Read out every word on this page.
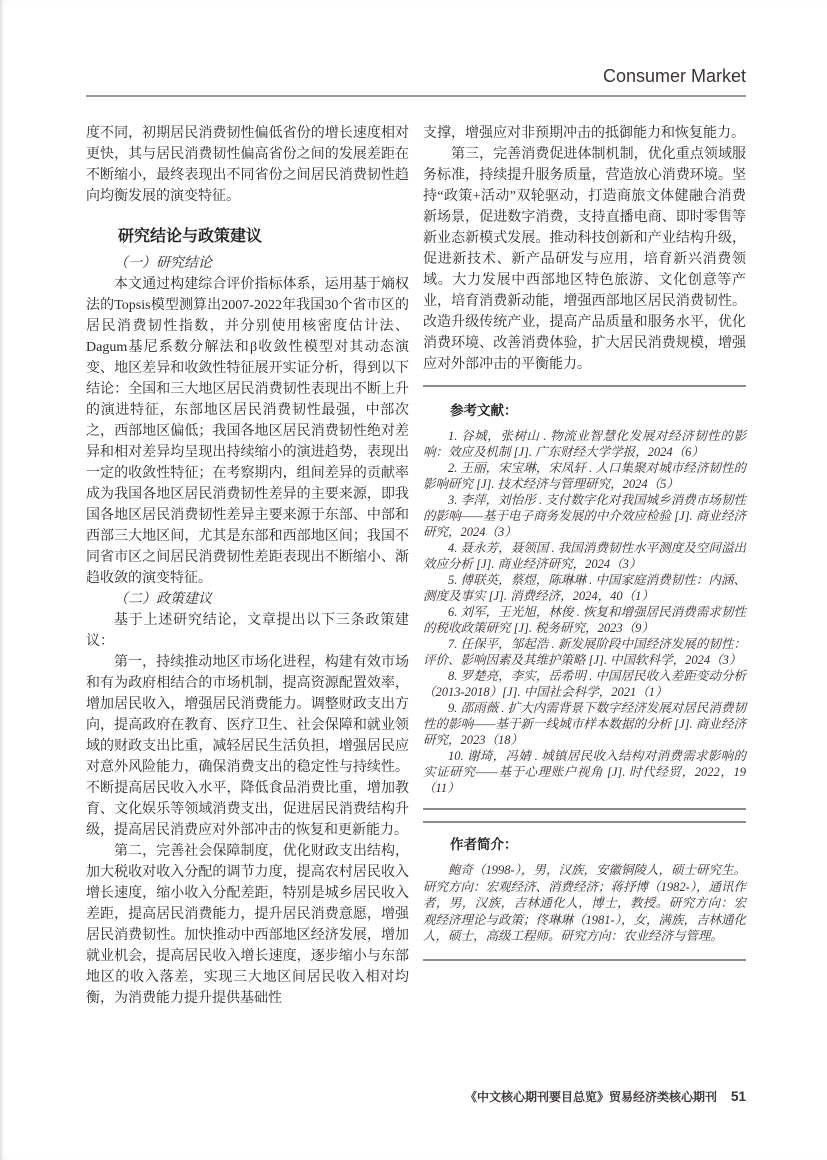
Consumer Market

度不同，初期居民消费韧性偏低省份的增长速度相对更快，其与居民消费韧性偏高省份之间的发展差距在不断缩小，最终表现出不同省份之间居民消费韧性趋向均衡发展的演变特征。

研究结论与政策建议

（一）研究结论

本文通过构建综合评价指标体系，运用基于熵权法的Topsis模型测算出2007-2022年我国30个省市区的居民消费韧性指数，并分别使用核密度估计法、Dagum基尼系数分解法和β收敛性模型对其动态演变、地区差异和收敛性特征展开实证分析，得到以下结论：全国和三大地区居民消费韧性表现出不断上升的演进特征，东部地区居民消费韧性最强，中部次之，西部地区偏低；我国各地区居民消费韧性绝对差异和相对差异均呈现出持续缩小的演进趋势，表现出一定的收敛性特征；在考察期内，组间差异的贡献率成为我国各地区居民消费韧性差异的主要来源，即我国各地区居民消费韧性差异主要来源于东部、中部和西部三大地区间，尤其是东部和西部地区间；我国不同省市区之间居民消费韧性差距表现出不断缩小、渐趋收敛的演变特征。

（二）政策建议

基于上述研究结论，文章提出以下三条政策建议：

第一，持续推动地区市场化进程，构建有效市场和有为政府相结合的市场机制，提高资源配置效率，增加居民收入，增强居民消费能力。调整财政支出方向，提高政府在教育、医疗卫生、社会保障和就业领域的财政支出比重，减轻居民生活负担，增强居民应对意外风险能力，确保消费支出的稳定性与持续性。不断提高居民收入水平，降低食品消费比重，增加教育、文化娱乐等领域消费支出，促进居民消费结构升级，提高居民消费应对外部冲击的恢复和更新能力。

第二，完善社会保障制度，优化财政支出结构，加大税收对收入分配的调节力度，提高农村居民收入增长速度，缩小收入分配差距，特别是城乡居民收入差距，提高居民消费能力，提升居民消费意愿，增强居民消费韧性。加快推动中西部地区经济发展，增加就业机会，提高居民收入增长速度，逐步缩小与东部地区的收入落差，实现三大地区间居民收入相对均衡，为消费能力提升提供基础性

支撑，增强应对非预期冲击的抵御能力和恢复能力。

第三，完善消费促进体制机制，优化重点领域服务标准，持续提升服务质量，营造放心消费环境。坚持“政策+活动”双轮驱动，打造商旅文体健融合消费新场景，促进数字消费，支持直播电商、即时零售等新业态新模式发展。推动科技创新和产业结构升级，促进新技术、新产品研发与应用，培育新兴消费领域。大力发展中西部地区特色旅游、文化创意等产业，培育消费新动能，增强西部地区居民消费韧性。改造升级传统产业，提高产品质量和服务水平，优化消费环境、改善消费体验，扩大居民消费规模，增强应对外部冲击的平衡能力。

参考文献：

1. 谷城，张树山 . 物流业智慧化发展对经济韧性的影响：效应及机制 [J]. 广东财经大学学报，2024（6）

2. 王丽，宋宝琳，宋凤轩 . 人口集聚对城市经济韧性的影响研究 [J]. 技术经济与管理研究，2024（5）

3. 李萍，刘怡彤 . 支付数字化对我国城乡消费市场韧性的影响——基于电子商务发展的中介效应检验 [J]. 商业经济研究，2024（3）

4. 聂永芳，聂领国 . 我国消费韧性水平测度及空间溢出效应分析 [J]. 商业经济研究，2024（3）

5. 傅联英，蔡煜，陈琳琳 . 中国家庭消费韧性：内涵、测度及事实 [J]. 消费经济，2024，40（1）

6. 刘军，王光旭，林俊 . 恢复和增强居民消费需求韧性的税收政策研究 [J]. 税务研究，2023（9）

7. 任保平，邹起浩 . 新发展阶段中国经济发展的韧性：评价、影响因素及其维护策略 [J]. 中国软科学，2024（3）

8. 罗楚亮，李实，岳希明 . 中国居民收入差距变动分析（2013-2018）[J]. 中国社会科学，2021（1）

9. 邵雨薇 . 扩大内需背景下数字经济发展对居民消费韧性的影响——基于新一线城市样本数据的分析 [J]. 商业经济研究，2023（18）

10. 谢琦，冯婧 . 城镇居民收入结构对消费需求影响的实证研究——基于心理账户视角 [J]. 时代经贸，2022，19（11）

作者简介：

鲍奇（1998-），男，汉族，安徽铜陵人，硕士研究生。研究方向：宏观经济、消费经济；蒋抒博（1982-），通讯作者，男，汉族，吉林通化人，博士，教授。研究方向：宏观经济理论与政策；佟琳琳（1981-），女，满族，吉林通化人，硕士，高级工程师。研究方向：农业经济与管理。

《中文核心期刊要目总览》贸易经济类核心期刊 51
